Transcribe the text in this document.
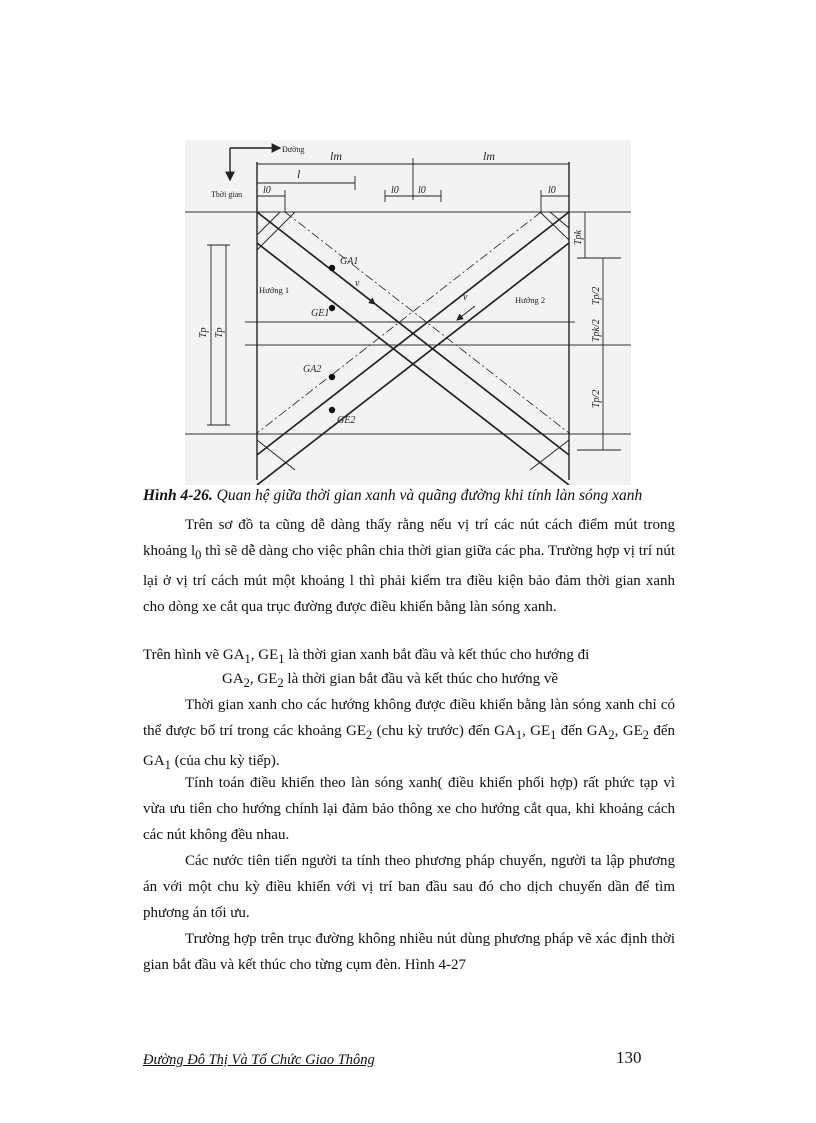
Đường
Thời gian
lm	lm
l
l0	l0 l0	l0
GA1
GE1
GA2
GE2
v
v
Hướng 1
Hướng 2
Tp Tp
Tpk
Tp/2
Tpk/2
Tp/2
Hình 4-26. Quan hệ giữa thời gian xanh và quãng đường khi tính làn sóng xanh
Trên sơ đồ ta cũng dễ dàng thấy rằng nếu vị trí các nút cách điểm mút trong khoảng $l_0$ thì sẽ dễ dàng cho việc phân chia thời gian giữa các pha. Trường hợp vị trí nút lại ở vị trí cách mút một khoảng l thì phải kiểm tra điều kiện bảo đảm thời gian xanh cho dòng xe cắt qua trục đường được điều khiển bằng làn sóng xanh.
Trên hình vẽ $GA_1$, $GE_1$ là thời gian xanh bắt đầu và kết thúc cho hướng đi
$GA_2$, $GE_2$ là thời gian bắt đầu và kết thúc cho hướng về
Thời gian xanh cho các hướng không được điều khiển bằng làn sóng xanh chỉ có thể được bố trí trong các khoảng $GE_2$ (chu kỳ trước) đến $GA_1$, $GE_1$ đến $GA_2$, $GE_2$ đến $GA_1$ (của chu kỳ tiếp).
Tính toán điều khiển theo làn sóng xanh( điều khiển phối hợp) rất phức tạp vì vừa ưu tiên cho hướng chính lại đảm bảo thông xe cho hướng cắt qua, khi khoảng cách các nút không đều nhau.
Các nước tiên tiến người ta tính theo phương pháp chuyển, người ta lập phương án với một chu kỳ điều khiển với vị trí ban đầu sau đó cho dịch chuyển dần để tìm phương án tối ưu.
Trường hợp trên trục đường không nhiều nút dùng phương pháp vẽ xác định thời gian bắt đầu và kết thúc cho từng cụm đèn. Hình 4-27
Đường Đô Thị Và Tổ Chức Giao Thông	130
